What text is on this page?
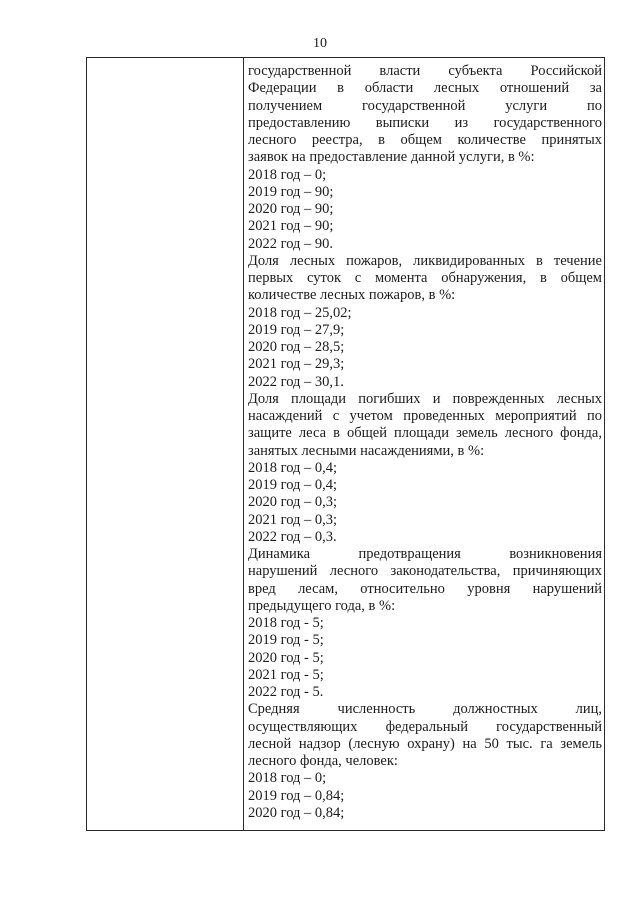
10
государственной власти субъекта Российской
Федерации в области лесных отношений за
получением государственной услуги по
предоставлению выписки из государственного
лесного реестра, в общем количестве принятых
заявок на предоставление данной услуги, в %:
2018 год – 0;
2019 год – 90;
2020 год – 90;
2021 год – 90;
2022 год – 90.
Доля лесных пожаров, ликвидированных в течение
первых суток с момента обнаружения, в общем
количестве лесных пожаров, в %:
2018 год – 25,02;
2019 год – 27,9;
2020 год – 28,5;
2021 год – 29,3;
2022 год – 30,1.
Доля площади погибших и поврежденных лесных
насаждений с учетом проведенных мероприятий по
защите леса в общей площади земель лесного фонда,
занятых лесными насаждениями, в %:
2018 год – 0,4;
2019 год – 0,4;
2020 год – 0,3;
2021 год – 0,3;
2022 год – 0,3.
Динамика предотвращения возникновения
нарушений лесного законодательства, причиняющих
вред лесам, относительно уровня нарушений
предыдущего года, в %:
2018 год - 5;
2019 год - 5;
2020 год - 5;
2021 год - 5;
2022 год - 5.
Средняя численность должностных лиц,
осуществляющих федеральный государственный
лесной надзор (лесную охрану) на 50 тыс. га земель
лесного фонда, человек:
2018 год – 0;
2019 год – 0,84;
2020 год – 0,84;
